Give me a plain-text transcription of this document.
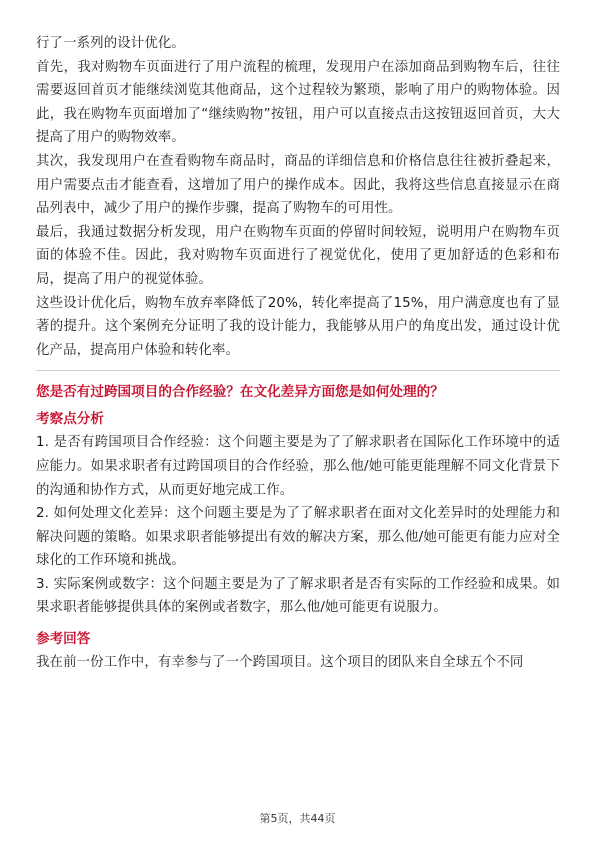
行了一系列的设计优化。

首先，我对购物车页面进行了用户流程的梳理，发现用户在添加商品到购物车后，往往需要返回首页才能继续浏览其他商品，这个过程较为繁琐，影响了用户的购物体验。因此，我在购物车页面增加了“继续购物”按钮，用户可以直接点击这按钮返回首页，大大提高了用户的购物效率。

其次，我发现用户在查看购物车商品时，商品的详细信息和价格信息往往被折叠起来，用户需要点击才能查看，这增加了用户的操作成本。因此，我将这些信息直接显示在商品列表中，减少了用户的操作步骤，提高了购物车的可用性。

最后，我通过数据分析发现，用户在购物车页面的停留时间较短，说明用户在购物车页面的体验不佳。因此，我对购物车页面进行了视觉优化，使用了更加舒适的色彩和布局，提高了用户的视觉体验。

这些设计优化后，购物车放弃率降低了20%，转化率提高了15%，用户满意度也有了显著的提升。这个案例充分证明了我的设计能力，我能够从用户的角度出发，通过设计优化产品，提高用户体验和转化率。

您是否有过跨国项目的合作经验？在文化差异方面您是如何处理的？

考察点分析

1. 是否有跨国项目合作经验：这个问题主要是为了了解求职者在国际化工作环境中的适应能力。如果求职者有过跨国项目的合作经验，那么他/她可能更能理解不同文化背景下的沟通和协作方式，从而更好地完成工作。

2. 如何处理文化差异：这个问题主要是为了了解求职者在面对文化差异时的处理能力和解决问题的策略。如果求职者能够提出有效的解决方案，那么他/她可能更有能力应对全球化的工作环境和挑战。

3. 实际案例或数字：这个问题主要是为了了解求职者是否有实际的工作经验和成果。如果求职者能够提供具体的案例或者数字，那么他/她可能更有说服力。

参考回答

我在前一份工作中，有幸参与了一个跨国项目。这个项目的团队来自全球五个不同

第5页，共44页
